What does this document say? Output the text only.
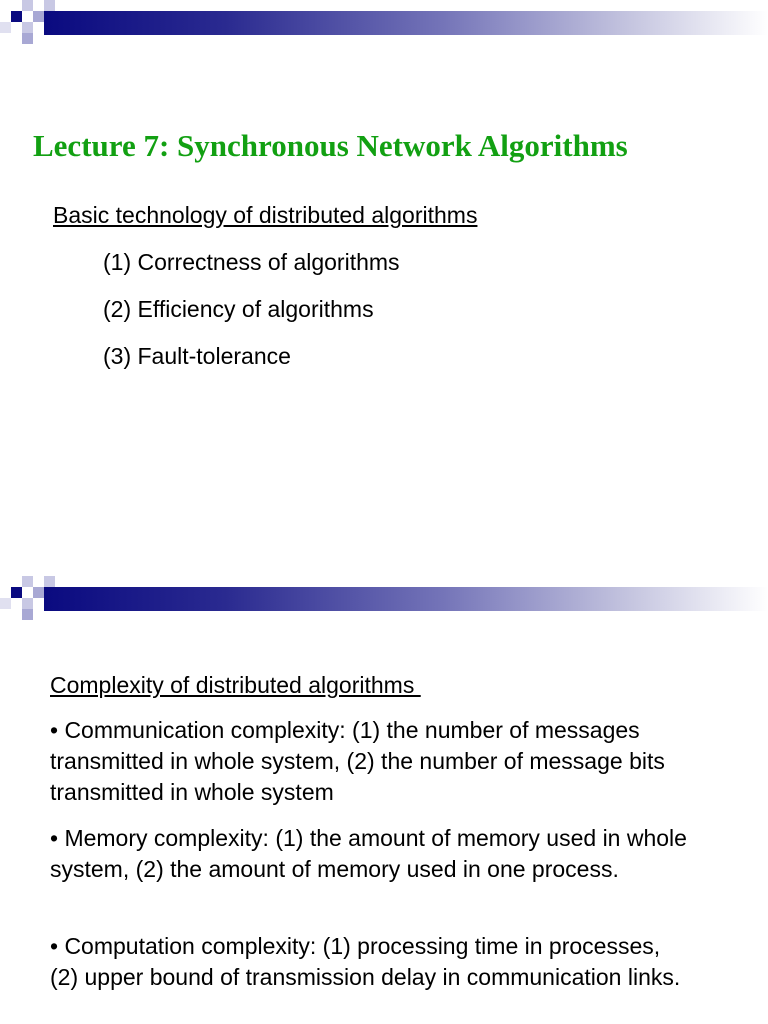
Lecture 7: Synchronous Network Algorithms

Basic technology of distributed algorithms

(1) Correctness of algorithms

(2) Efficiency of algorithms

(3) Fault-tolerance

Complexity of distributed algorithms

• Communication complexity: (1) the number of messages transmitted in whole system, (2) the number of message bits transmitted in whole system

• Memory complexity: (1) the amount of memory used in whole system, (2) the amount of memory used in one process.

• Computation complexity: (1) processing time in processes, (2) upper bound of transmission delay in communication links.
